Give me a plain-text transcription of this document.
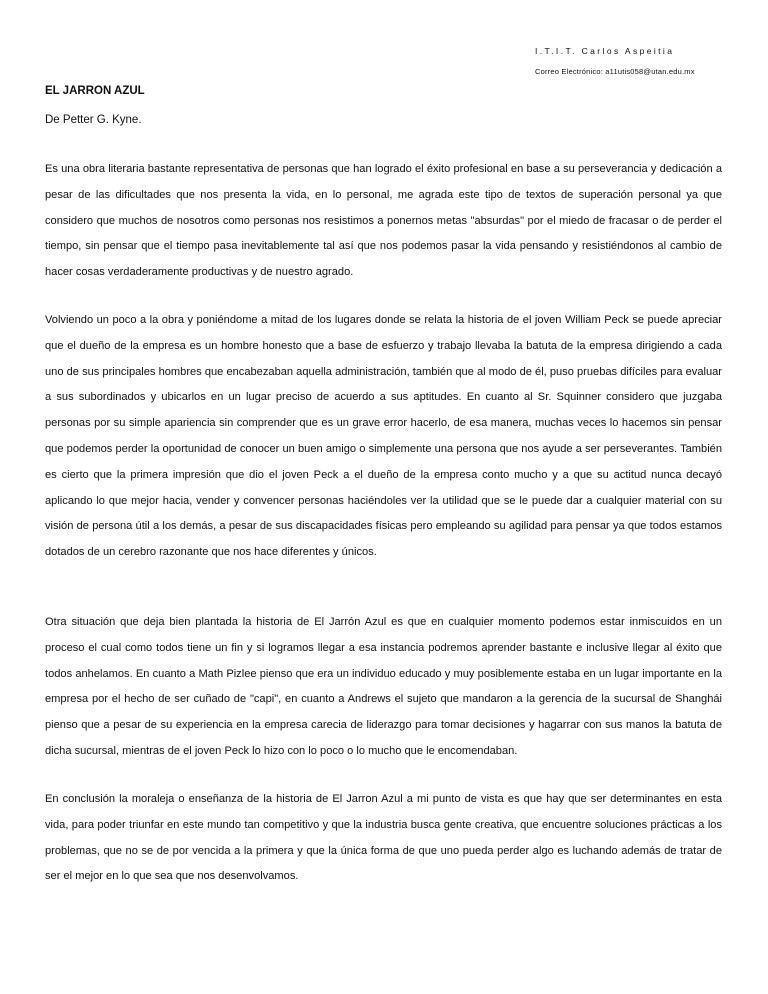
I.T.I.T. Carlos Aspeitia
Correo Electrónico: a11utis058@utan.edu.mx
EL JARRON AZUL
De Petter G. Kyne.

Es una obra literaria bastante representativa de personas que han logrado el éxito profesional en base a su perseverancia y dedicación a pesar de las dificultades que nos presenta la vida, en lo personal, me agrada este tipo de textos de superación personal ya que considero que muchos de nosotros como personas nos resistimos a ponernos metas "absurdas" por el miedo de fracasar o de perder el tiempo, sin pensar que el tiempo pasa inevitablemente tal así que nos podemos pasar la vida pensando y resistiéndonos al cambio de hacer cosas verdaderamente productivas y de nuestro agrado.

Volviendo un poco a la obra y poniéndome a mitad de los lugares donde se relata la historia de el joven William Peck se puede apreciar que el dueño de la empresa es un hombre honesto que a base de esfuerzo y trabajo llevaba la batuta de la empresa dirigiendo a cada uno de sus principales hombres que encabezaban aquella administración, también que al modo de él, puso pruebas difíciles para evaluar a sus subordinados y ubicarlos en un lugar preciso de acuerdo a sus aptitudes. En cuanto al Sr. Squinner considero que juzgaba personas por su simple apariencia sin comprender que es un grave error hacerlo, de esa manera, muchas veces lo hacemos sin pensar que podemos perder la oportunidad de conocer un buen amigo o simplemente una persona que nos ayude a ser perseverantes. También es cierto que la primera impresión que dio el joven Peck a el dueño de la empresa conto mucho y a que su actitud nunca decayó aplicando lo que mejor hacia, vender y convencer personas haciéndoles ver la utilidad que se le puede dar a cualquier material con su visión de persona útil a los demás, a pesar de sus discapacidades físicas pero empleando su agilidad para pensar ya que todos estamos dotados de un cerebro razonante que nos hace diferentes y únicos.

Otra situación que deja bien plantada la historia de El Jarrón Azul es que en cualquier momento podemos estar inmiscuidos en un proceso el cual como todos tiene un fin y si logramos llegar a esa instancia podremos aprender bastante e inclusive llegar al éxito que todos anhelamos. En cuanto a Math Pizlee pienso que era un individuo educado y muy posiblemente estaba en un lugar importante en la empresa por el hecho de ser cuñado de "capi", en cuanto a Andrews el sujeto que mandaron a la gerencia de la sucursal de Shanghái pienso que a pesar de su experiencia en la empresa carecia de liderazgo para tomar decisiones y hagarrar con sus manos la batuta de dicha sucursal, mientras de el joven Peck lo hizo con lo poco o lo mucho que le encomendaban.

En conclusión la moraleja o enseñanza de la historia de El Jarron Azul a mi punto de vista es que hay que ser determinantes en esta vida, para poder triunfar en este mundo tan competitivo y que la industria busca gente creativa, que encuentre soluciones prácticas a los problemas, que no se de por vencida a la primera y que la única forma de que uno pueda perder algo es luchando además de tratar de ser el mejor en lo que sea que nos desenvolvamos.
